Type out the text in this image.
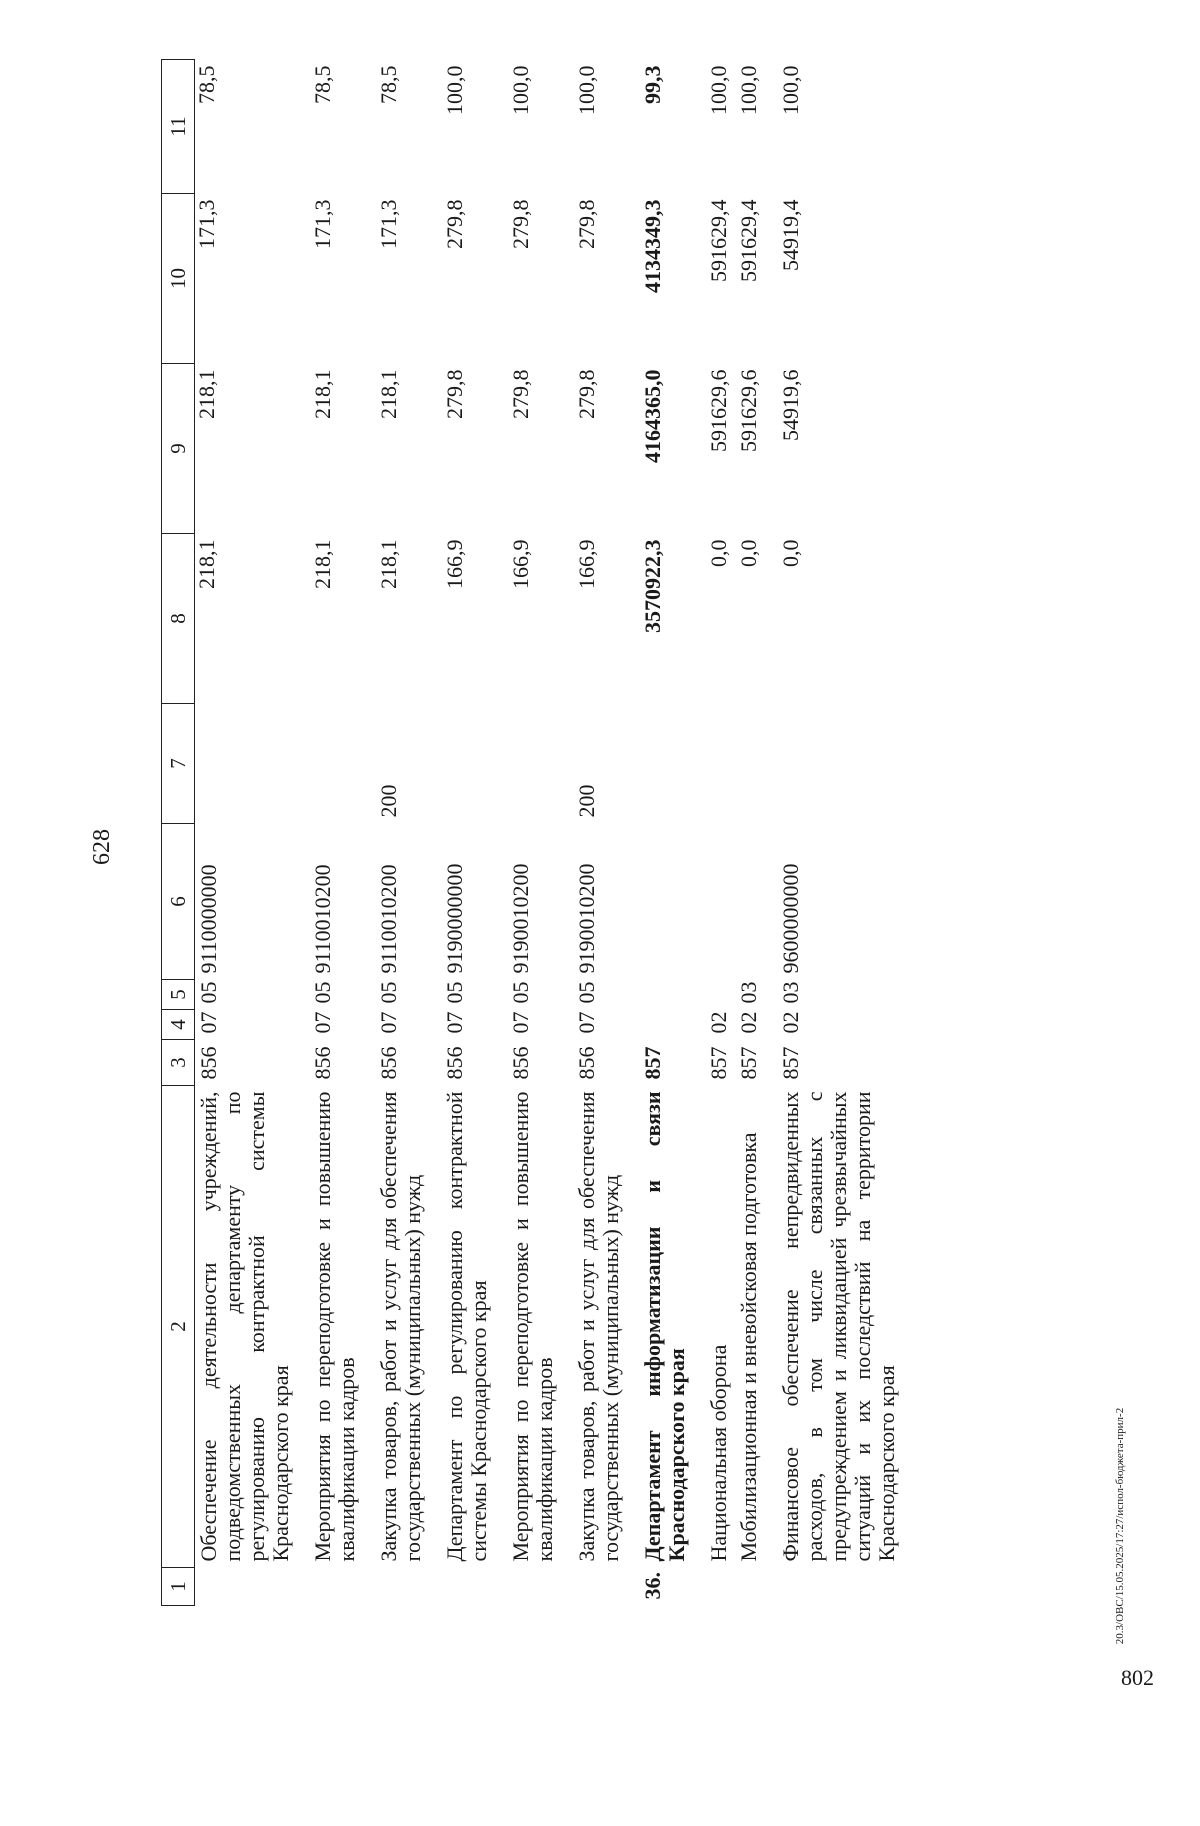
628
1	2	3	4	5	6	7	8	9	10	11
	Обеспечение деятельности учреждений, подведомственных департаменту по регулированию контрактной системы Краснодарского края	856	07	05	9110000000		218,1	218,1	171,3	78,5
	Мероприятия по переподготовке и повышению квалификации кадров	856	07	05	9110010200		218,1	218,1	171,3	78,5
	Закупка товаров, работ и услуг для обеспечения государственных (муниципальных) нужд	856	07	05	9110010200	200	218,1	218,1	171,3	78,5
	Департамент по регулированию контрактной системы Краснодарского края	856	07	05	9190000000		166,9	279,8	279,8	100,0
	Мероприятия по переподготовке и повышению квалификации кадров	856	07	05	9190010200		166,9	279,8	279,8	100,0
	Закупка товаров, работ и услуг для обеспечения государственных (муниципальных) нужд	856	07	05	9190010200	200	166,9	279,8	279,8	100,0
36.	Департамент информатизации и связи Краснодарского края	857					3570922,3	4164365,0	4134349,3	99,3
	Национальная оборона	857	02				0,0	591629,6	591629,4	100,0
	Мобилизационная и вневойсковая подготовка	857	02	03			0,0	591629,6	591629,4	100,0
	Финансовое обеспечение непредвиденных расходов, в том числе связанных с предупреждением и ликвидацией чрезвычайных ситуаций и их последствий на территории Краснодарского края	857	02	03	9600000000		0,0	54919,6	54919,4	100,0
20.3/ОВС/15.05.2025/17:27/испол-бюджета-прил-2
802
